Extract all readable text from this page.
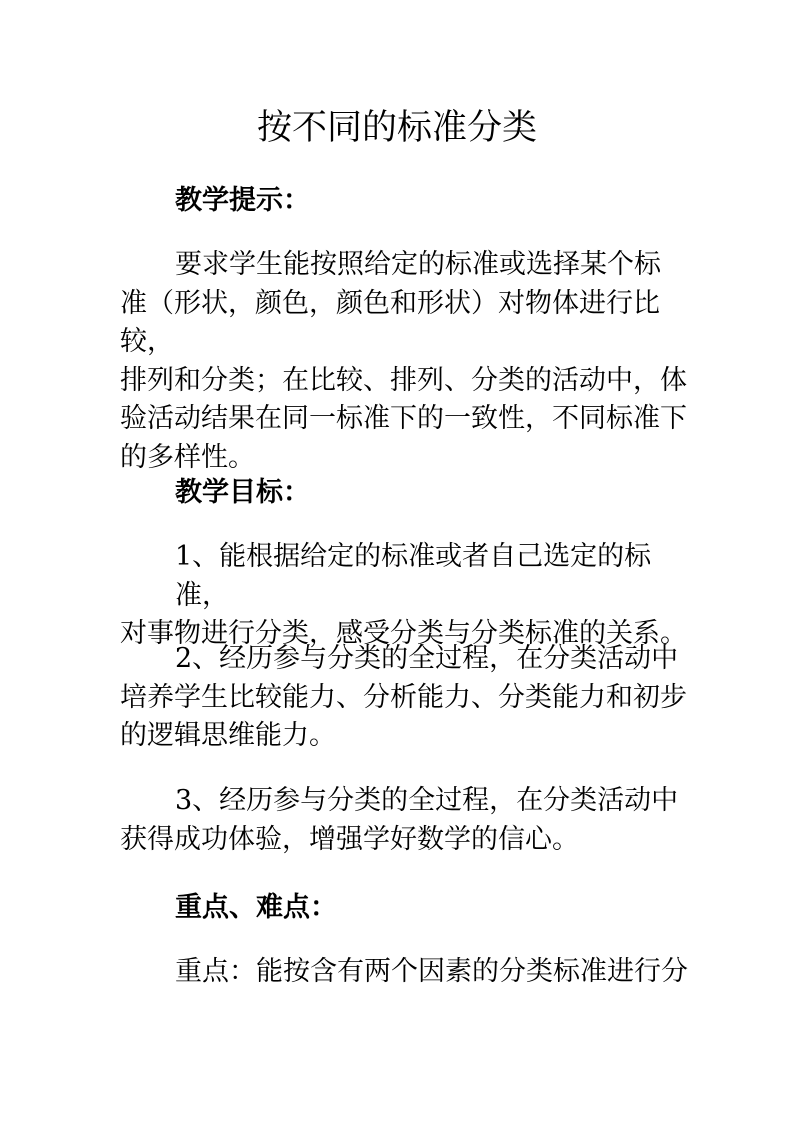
按不同的标准分类
教学提示：
要求学生能按照给定的标准或选择某个标
准（形状，颜色，颜色和形状）对物体进行比较，
排列和分类；在比较、排列、分类的活动中，体
验活动结果在同一标准下的一致性，不同标准下
的多样性。
教学目标：
1、能根据给定的标准或者自己选定的标准，
对事物进行分类，感受分类与分类标准的关系。
2、经历参与分类的全过程，在分类活动中
培养学生比较能力、分析能力、分类能力和初步
的逻辑思维能力。
3、经历参与分类的全过程，在分类活动中
获得成功体验，增强学好数学的信心。
重点、难点：
重点：能按含有两个因素的分类标准进行分
